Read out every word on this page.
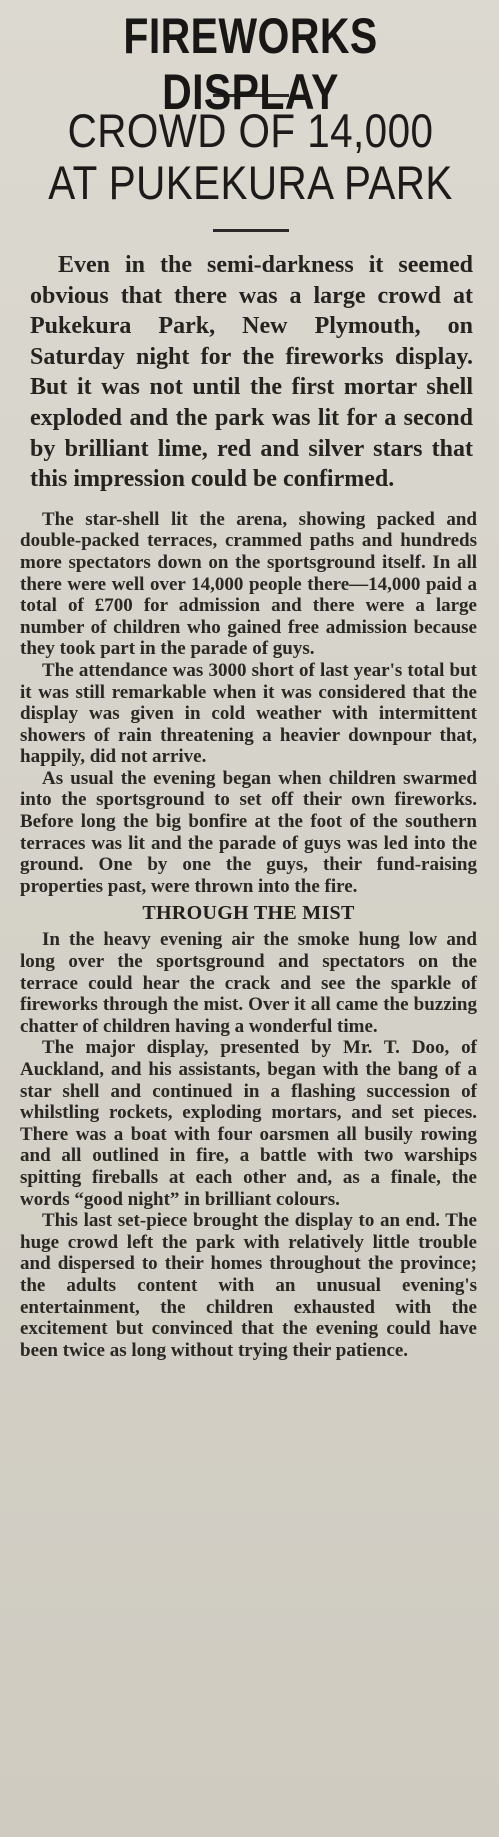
FIREWORKS DISPLAY
CROWD OF 14,000 AT PUKEKURA PARK

Even in the semi-darkness it seemed obvious that there was a large crowd at Pukekura Park, New Plymouth, on Saturday night for the fireworks display. But it was not until the first mortar shell exploded and the park was lit for a second by brilliant lime, red and silver stars that this impression could be confirmed.

The star-shell lit the arena, showing packed and double-packed terraces, crammed paths and hundreds more spectators down on the sportsground itself. In all there were well over 14,000 people there—14,000 paid a total of £700 for admission and there were a large number of children who gained free admission because they took part in the parade of guys.

The attendance was 3000 short of last year's total but it was still remarkable when it was considered that the display was given in cold weather with intermittent showers of rain threatening a heavier downpour that, happily, did not arrive.

As usual the evening began when children swarmed into the sportsground to set off their own fireworks. Before long the big bonfire at the foot of the southern terraces was lit and the parade of guys was led into the ground. One by one the guys, their fund-raising properties past, were thrown into the fire.

THROUGH THE MIST

In the heavy evening air the smoke hung low and long over the sportsground and spectators on the terrace could hear the crack and see the sparkle of fireworks through the mist. Over it all came the buzzing chatter of children having a wonderful time.

The major display, presented by Mr. T. Doo, of Auckland, and his assistants, began with the bang of a star shell and continued in a flashing succession of whilstling rockets, exploding mortars, and set pieces. There was a boat with four oarsmen all busily rowing and all outlined in fire, a battle with two warships spitting fireballs at each other and, as a finale, the words “good night” in brilliant colours.

This last set-piece brought the display to an end. The huge crowd left the park with relatively little trouble and dispersed to their homes throughout the province; the adults content with an unusual evening's entertainment, the children exhausted with the excitement but convinced that the evening could have been twice as long without trying their patience.
